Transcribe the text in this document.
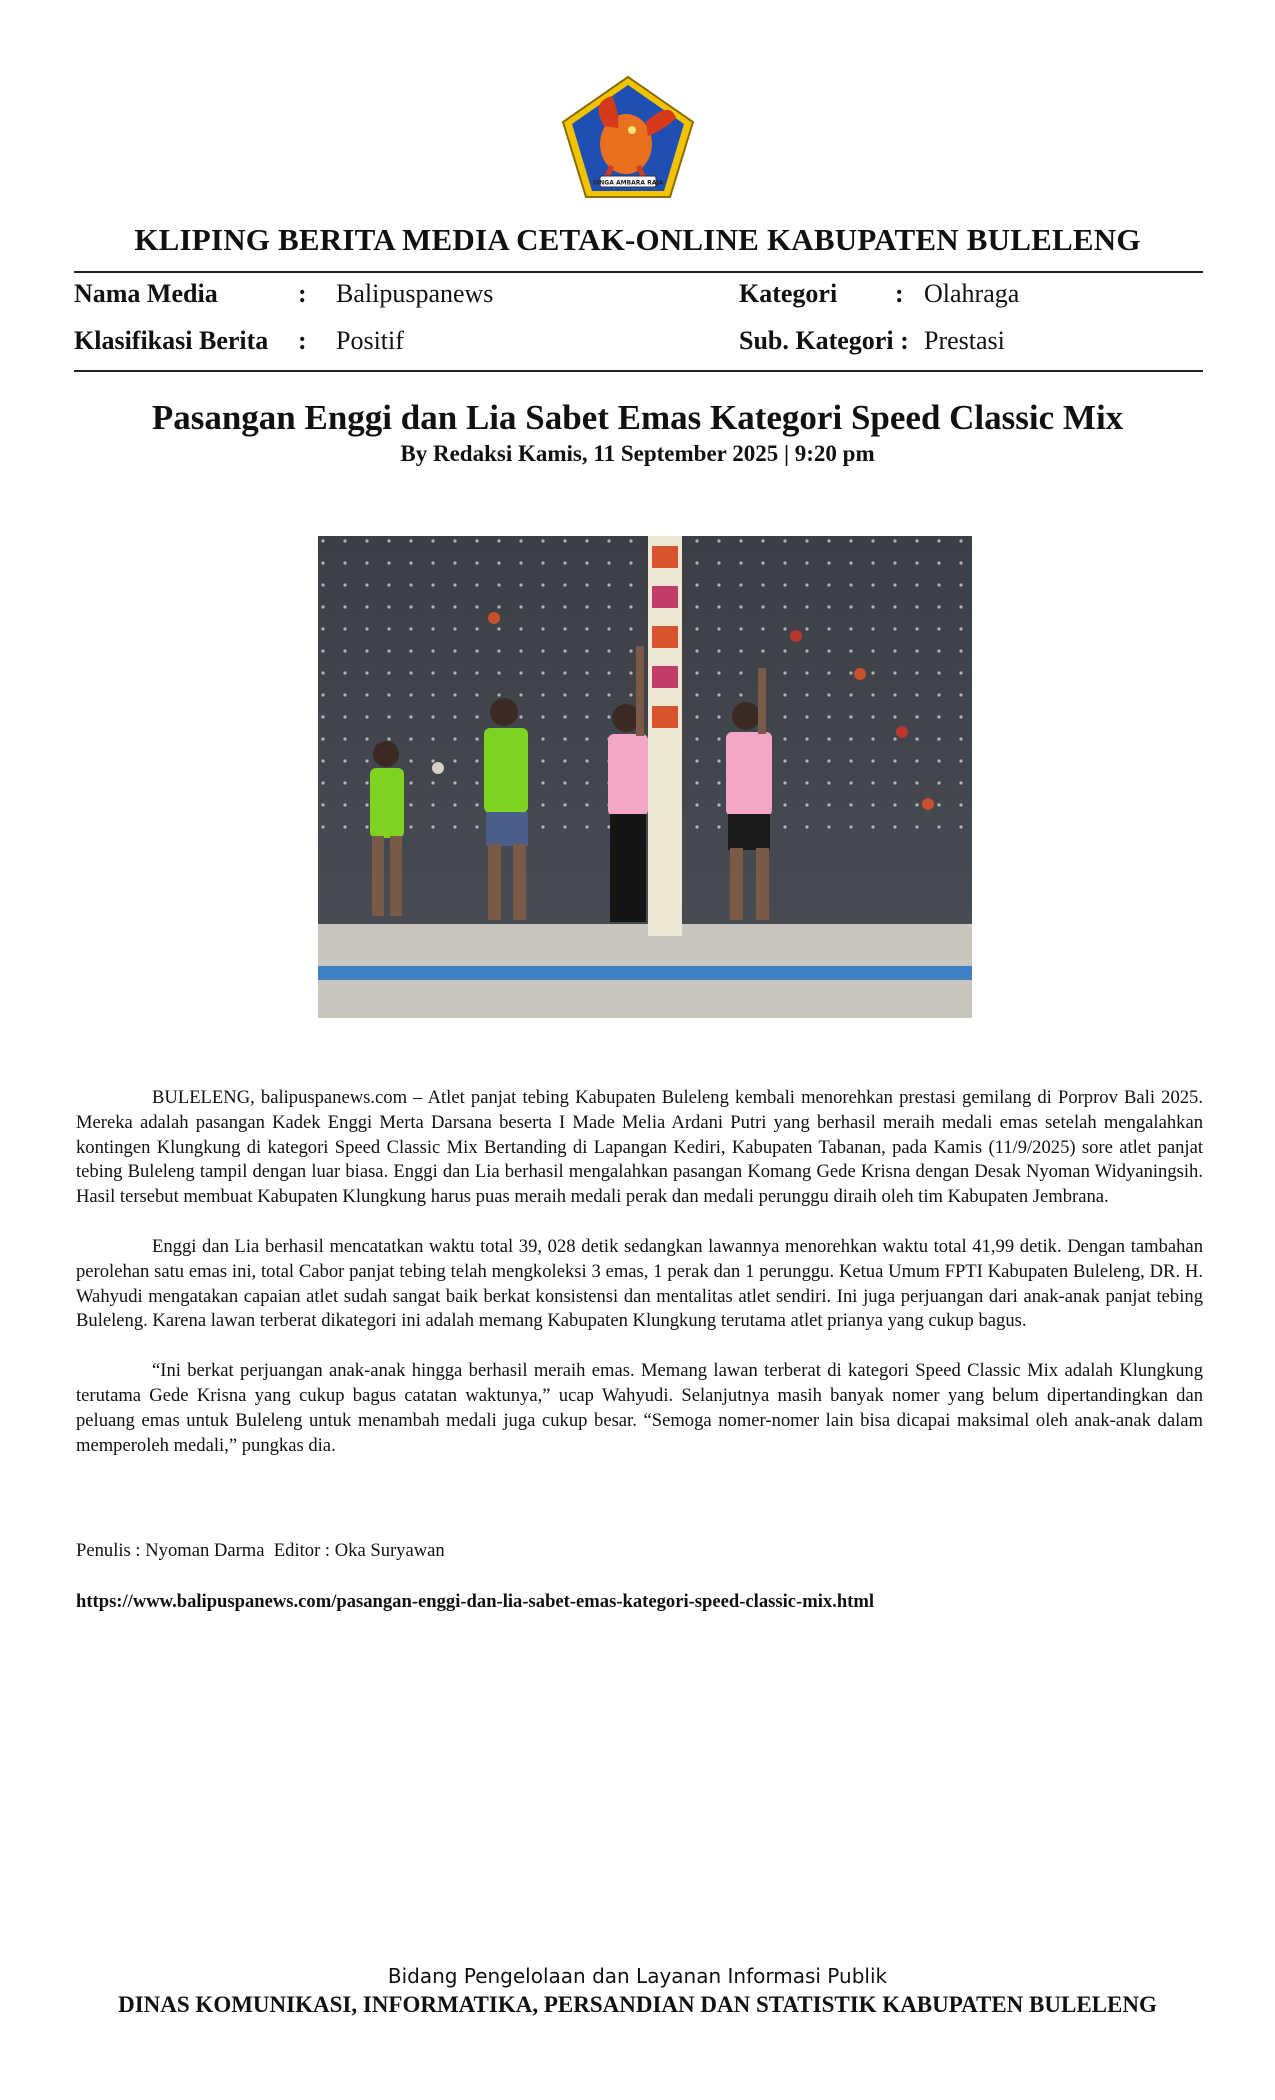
SINGA AMBARA RAJA
KLIPING BERITA MEDIA CETAK-ONLINE KABUPATEN BULELENG
Nama Media	: Balipuspanews	Kategori : Olahraga
Klasifikasi Berita : Positif	Sub. Kategori : Prestasi
Pasangan Enggi dan Lia Sabet Emas Kategori Speed Classic Mix
By Redaksi Kamis, 11 September 2025 | 9:20 pm

BULELENG, balipuspanews.com – Atlet panjat tebing Kabupaten Buleleng kembali menorehkan prestasi gemilang di Porprov Bali 2025. Mereka adalah pasangan Kadek Enggi Merta Darsana beserta I Made Melia Ardani Putri yang berhasil meraih medali emas setelah mengalahkan kontingen Klungkung di kategori Speed Classic Mix Bertanding di Lapangan Kediri, Kabupaten Tabanan, pada Kamis (11/9/2025) sore atlet panjat tebing Buleleng tampil dengan luar biasa. Enggi dan Lia berhasil mengalahkan pasangan Komang Gede Krisna dengan Desak Nyoman Widyaningsih. Hasil tersebut membuat Kabupaten Klungkung harus puas meraih medali perak dan medali perunggu diraih oleh tim Kabupaten Jembrana.

Enggi dan Lia berhasil mencatatkan waktu total 39, 028 detik sedangkan lawannya menorehkan waktu total 41,99 detik. Dengan tambahan perolehan satu emas ini, total Cabor panjat tebing telah mengkoleksi 3 emas, 1 perak dan 1 perunggu. Ketua Umum FPTI Kabupaten Buleleng, DR. H. Wahyudi mengatakan capaian atlet sudah sangat baik berkat konsistensi dan mentalitas atlet sendiri. Ini juga perjuangan dari anak-anak panjat tebing Buleleng. Karena lawan terberat dikategori ini adalah memang Kabupaten Klungkung terutama atlet prianya yang cukup bagus.

“Ini berkat perjuangan anak-anak hingga berhasil meraih emas. Memang lawan terberat di kategori Speed Classic Mix adalah Klungkung terutama Gede Krisna yang cukup bagus catatan waktunya,” ucap Wahyudi. Selanjutnya masih banyak nomer yang belum dipertandingkan dan peluang emas untuk Buleleng untuk menambah medali juga cukup besar. “Semoga nomer-nomer lain bisa dicapai maksimal oleh anak-anak dalam memperoleh medali,” pungkas dia.

Penulis : Nyoman Darma  Editor : Oka Suryawan
https://www.balipuspanews.com/pasangan-enggi-dan-lia-sabet-emas-kategori-speed-classic-mix.html
Bidang Pengelolaan dan Layanan Informasi Publik
DINAS KOMUNIKASI, INFORMATIKA, PERSANDIAN DAN STATISTIK KABUPATEN BULELENG
